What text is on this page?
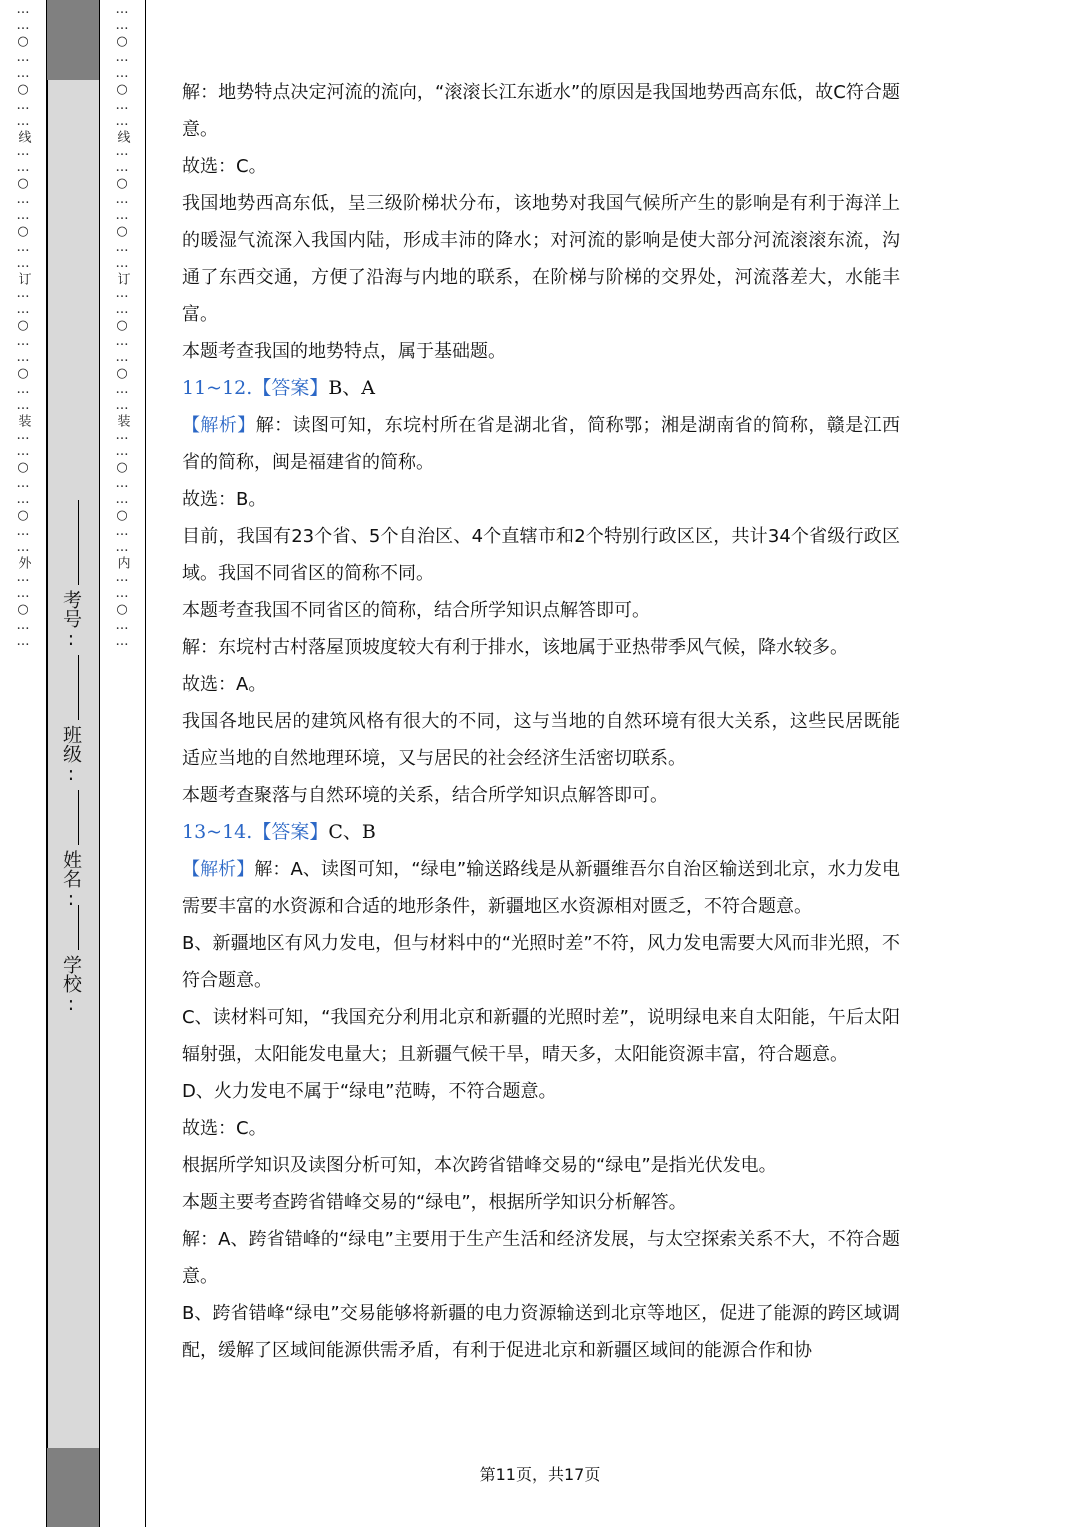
……○……○……线……○……○……订……○……○……装……○……○……外……○……
学校:
姓名:
班级:
考号:	……○……○……线……○……○……订……○……○……装……○……○……内……○……	解：地势特点决定河流的流向，“滚滚长江东逝水”的原因是我国地势西高东低，故C符合题意。

故选：C。

我国地势西高东低，呈三级阶梯状分布，该地势对我国气候所产生的影响是有利于海洋上的暖湿气流深入我国内陆，形成丰沛的降水；对河流的影响是使大部分河流滚滚东流，沟通了东西交通，方便了沿海与内地的联系，在阶梯与阶梯的交界处，河流落差大，水能丰富。

本题考查我国的地势特点，属于基础题。

11~12.【答案】B、A

【解析】解：读图可知，东垸村所在省是湖北省，简称鄂；湘是湖南省的简称，赣是江西省的简称，闽是福建省的简称。

故选：B。

目前，我国有23个省、5个自治区、4个直辖市和2个特别行政区区，共计34个省级行政区域。我国不同省区的简称不同。

本题考查我国不同省区的简称，结合所学知识点解答即可。

解：东垸村古村落屋顶坡度较大有利于排水，该地属于亚热带季风气候，降水较多。

故选：A。

我国各地民居的建筑风格有很大的不同，这与当地的自然环境有很大关系，这些民居既能适应当地的自然地理环境，又与居民的社会经济生活密切联系。

本题考查聚落与自然环境的关系，结合所学知识点解答即可。

13~14.【答案】C、B

【解析】解：A、读图可知，“绿电”输送路线是从新疆维吾尔自治区输送到北京，水力发电需要丰富的水资源和合适的地形条件，新疆地区水资源相对匮乏，不符合题意。

B、新疆地区有风力发电，但与材料中的“光照时差”不符，风力发电需要大风而非光照，不符合题意。

C、读材料可知，“我国充分利用北京和新疆的光照时差”，说明绿电来自太阳能，午后太阳辐射强，太阳能发电量大；且新疆气候干旱，晴天多，太阳能资源丰富，符合题意。

D、火力发电不属于“绿电”范畴，不符合题意。

故选：C。

根据所学知识及读图分析可知，本次跨省错峰交易的“绿电”是指光伏发电。

本题主要考查跨省错峰交易的“绿电”，根据所学知识分析解答。

解：A、跨省错峰的“绿电”主要用于生产生活和经济发展，与太空探索关系不大，不符合题意。

B、跨省错峰“绿电”交易能够将新疆的电力资源输送到北京等地区，促进了能源的跨区域调配，缓解了区域间能源供需矛盾，有利于促进北京和新疆区域间的能源合作和协

第11页，共17页
